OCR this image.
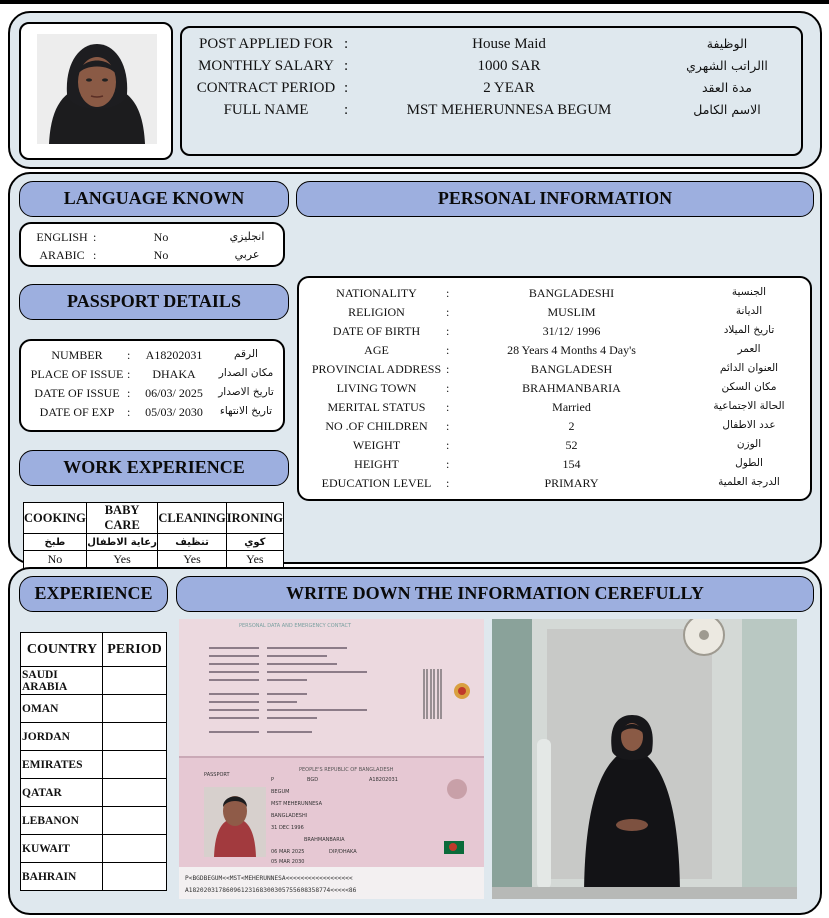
POST APPLIED FOR :	House Maid	الوظيفة
MONTHLY SALARY :	1000 SAR	االراتب الشهري
CONTRACT PERIOD :	2 YEAR	مدة العقد
FULL NAME	:	MST MEHERUNNESA BEGUM	الاسم الكامل
LANGUAGE KNOWN	PERSONAL INFORMATION
ENGLISH :	No	انجليزي
ARABIC :	No	عربي
PASSPORT DETAILS
NUMBER	:	A18202031	الرقم
PLACE OF ISSUE :	DHAKA	مكان الصدار
DATE OF ISSUE :	06/03/ 2025	تاريخ الاصدار
DATE OF EXP	:	05/03/ 2030	تاريخ الانتهاء
WORK EXPERIENCE
NATIONALITY	:	BANGLADESHI	الجنسية
RELIGION	:	MUSLIM	الديانة
DATE OF BIRTH	:	31/12/ 1996	تاريخ الميلاد
AGE	:	28 Years 4 Months 4 Day's	العمر
PROVINCIAL ADDRESS :	BANGLADESH	العنوان الدائم
LIVING TOWN	:	BRAHMANBARIA	مكان السكن
MERITAL STATUS	:	Married	الحالة الاجتماعية
NO .OF CHILDREN	:	2	عدد الاطفال
WEIGHT	:	52	الوزن
HEIGHT	:	154	الطول
EDUCATION LEVEL	:	PRIMARY	الدرجة العلمية
COOKING	BABY CARE	CLEANING	IRONING
طبخ	رعاية الاطفال	تنظيف	كوي
No	Yes	Yes	Yes
EXPERIENCE	WRITE DOWN THE INFORMATION CEREFULLY
COUNTRY	PERIOD
SAUDI ARABIA	
OMAN	
JORDAN	
EMIRATES	
QATAR	
LEBANON	
KUWAIT	
BAHRAIN	
PERSONAL DATA AND EMERGENCY CONTACT
PEOPLE'S REPUBLIC OF BANGLADESH
PASSPORT
P	BGD	A18202031
BEGUM
MST MEHERUNNESA
BANGLADESHI
31 DEC 1996
BRAHMANBARIA
06 MAR 2025	DIP/DHAKA
05 MAR 2030
P<BGDBEGUM<<MST<MEHERUNNESA<<<<<<<<<<<<<<<<<<
A18202031786096123168300305755608358774<<<<<86
